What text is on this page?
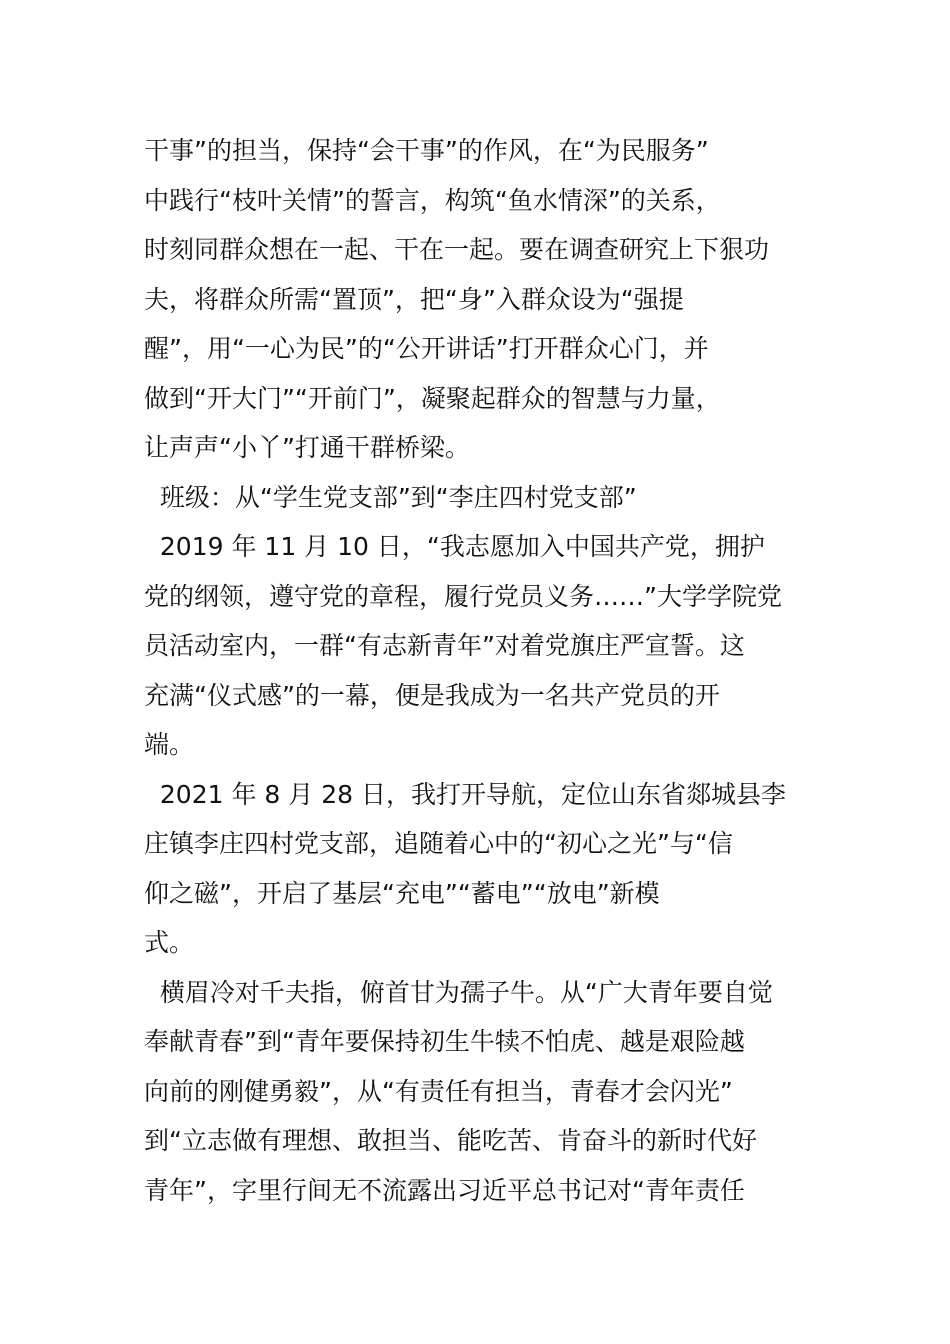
干事”的担当，保持“会干事”的作风，在“为民服务”
中践行“枝叶关情”的誓言，构筑“鱼水情深”的关系，
时刻同群众想在一起、干在一起。要在调查研究上下狠功
夫，将群众所需“置顶”，把“身”入群众设为“强提
醒”，用“一心为民”的“公开讲话”打开群众心门，并
做到“开大门”“开前门”，凝聚起群众的智慧与力量，
让声声“小丫”打通干群桥梁。
班级：从“学生党支部”到“李庄四村党支部”
2019 年 11 月 10 日，“我志愿加入中国共产党，拥护
党的纲领，遵守党的章程，履行党员义务……”大学学院党
员活动室内，一群“有志新青年”对着党旗庄严宣誓。这
充满“仪式感”的一幕，便是我成为一名共产党员的开
端。
2021 年 8 月 28 日，我打开导航，定位山东省郯城县李
庄镇李庄四村党支部，追随着心中的“初心之光”与“信
仰之磁”，开启了基层“充电”“蓄电”“放电”新模
式。
横眉冷对千夫指，俯首甘为孺子牛。从“广大青年要自觉
奉献青春”到“青年要保持初生牛犊不怕虎、越是艰险越
向前的刚健勇毅”，从“有责任有担当，青春才会闪光”
到“立志做有理想、敢担当、能吃苦、肯奋斗的新时代好
青年”，字里行间无不流露出习近平总书记对“青年责任
